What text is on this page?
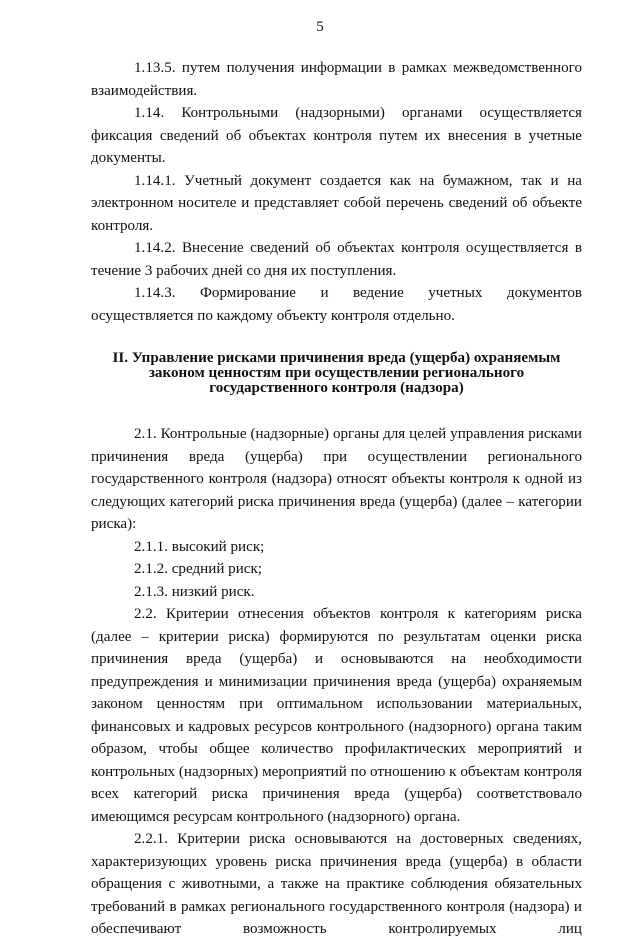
5

1.13.5. путем получения информации в рамках межведомственного взаимодействия.

1.14. Контрольными (надзорными) органами осуществляется фиксация сведений об объектах контроля путем их внесения в учетные документы.

1.14.1. Учетный документ создается как на бумажном, так и на электронном носителе и представляет собой перечень сведений об объекте контроля.

1.14.2. Внесение сведений об объектах контроля осуществляется в течение 3 рабочих дней со дня их поступления.

1.14.3. Формирование и ведение учетных документов осуществляется по каждому объекту контроля отдельно.

II. Управление рисками причинения вреда (ущерба) охраняемым
законом ценностям при осуществлении регионального
государственного контроля (надзора)

2.1. Контрольные (надзорные) органы для целей управления рисками причинения вреда (ущерба) при осуществлении регионального государственного контроля (надзора) относят объекты контроля к одной из следующих категорий риска причинения вреда (ущерба) (далее – категории риска):

2.1.1. высокий риск;

2.1.2. средний риск;

2.1.3. низкий риск.

2.2. Критерии отнесения объектов контроля к категориям риска (далее – критерии риска) формируются по результатам оценки риска причинения вреда (ущерба) и основываются на необходимости предупреждения и минимизации причинения вреда (ущерба) охраняемым законом ценностям при оптимальном использовании материальных, финансовых и кадровых ресурсов контрольного (надзорного) органа таким образом, чтобы общее количество профилактических мероприятий и контрольных (надзорных) мероприятий по отношению к объектам контроля всех категорий риска причинения вреда (ущерба) соответствовало имеющимся ресурсам контрольного (надзорного) органа.

2.2.1. Критерии риска основываются на достоверных сведениях, характеризующих уровень риска причинения вреда (ущерба) в области обращения с животными, а также на практике соблюдения обязательных требований в рамках регионального государственного контроля (надзора) и обеспечивают возможность контролируемых лиц
